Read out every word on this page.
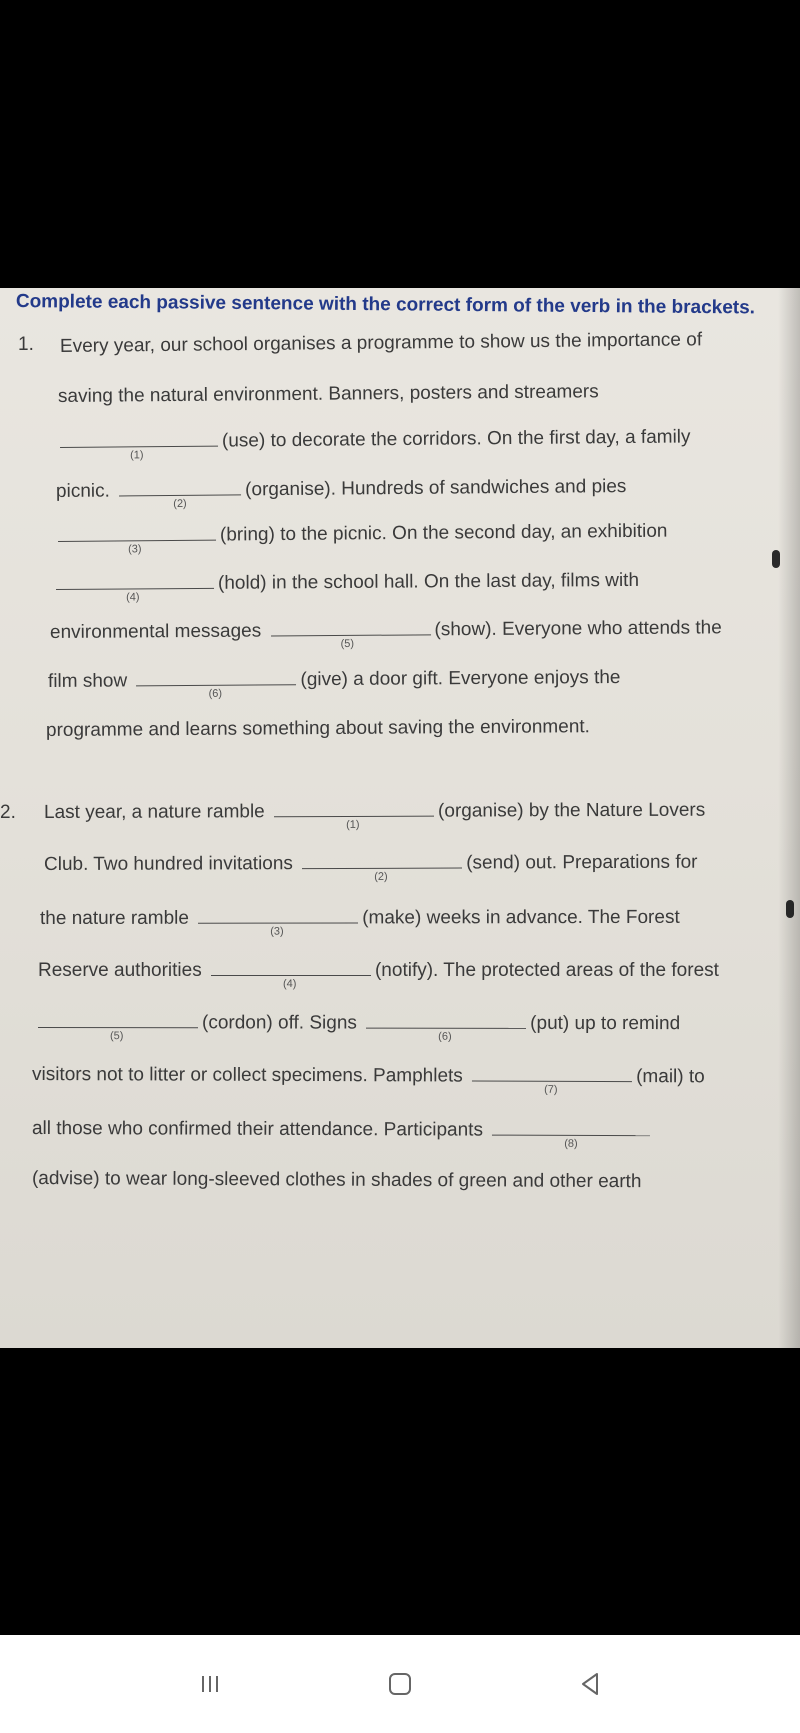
Complete each passive sentence with the correct form of the verb in the brackets.
1. Every year, our school organises a programme to show us the importance of
saving the natural environment. Banners, posters and streamers
(1)
(use) to decorate the corridors. On the first day, a family
picnic.
(2)
(organise). Hundreds of sandwiches and pies
(3)
(bring) to the picnic. On the second day, an exhibition
(4)
(hold) in the school hall. On the last day, films with
environmental messages
(5)
(show). Everyone who attends the
film show
(6)
(give) a door gift. Everyone enjoys the
programme and learns something about saving the environment.
2. Last year, a nature ramble
(1)
(organise) by the Nature Lovers
Club. Two hundred invitations
(2)
(send) out. Preparations for
the nature ramble
(3)
(make) weeks in advance. The Forest
Reserve authorities
(4)
(notify). The protected areas of the forest
(5)
(cordon) off. Signs
(6)
(put) up to remind
visitors not to litter or collect specimens. Pamphlets
(7)
(mail) to
all those who confirmed their attendance. Participants
(8)
(advise) to wear long-sleeved clothes in shades of green and other earth
